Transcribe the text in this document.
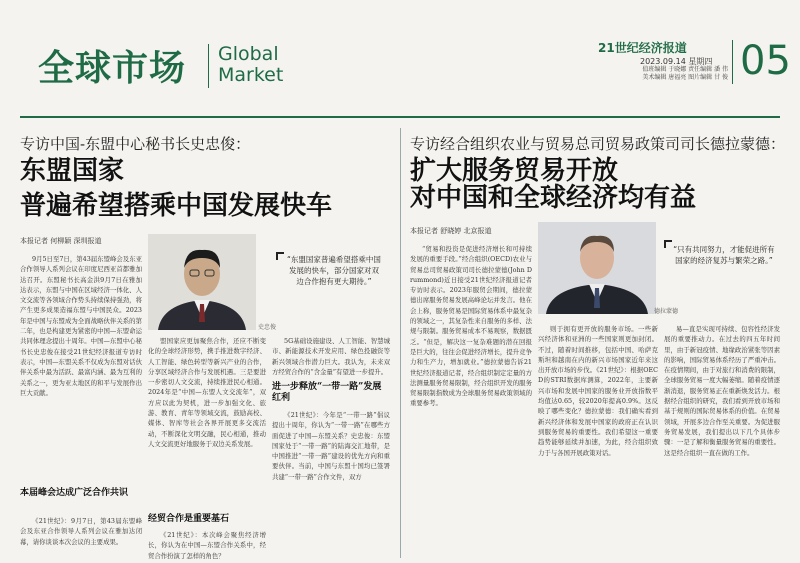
全球市场 Global
Market
21世纪经济报道
2023.09.14 星期四
值班编辑 于晓娜 责任编辑 潘 伟
美术编辑 唐福亮 图片编辑 甘 俊 05
专访中国-东盟中心秘书长史忠俊：
东盟国家
普遍希望搭乘中国发展快车
本报记者 何柳颖 深圳报道
史忠俊
“东盟国家普遍希望搭乘中国发展的快车，部分国家对双边合作抱有更大期待。”
9月5日至7日，第43届东盟峰会及东亚合作领导人系列会议在印度尼西亚首都雅加达召开。东盟秘书长高金洪9月7日在雅加达表示，东盟与中国在区域经济一体化、人文交流等各领域合作势头持续保持强劲，将产生更多成果造福东盟与中国民众。2023年是中国与东盟成为全面战略伙伴关系的第二年，也是构建更为紧密的中国—东盟命运共同体理念提出十周年。中国—东盟中心秘书长史忠俊在接受21世纪经济报道专访时表示，中国—东盟关系不仅成为东盟对话伙伴关系中最为活跃、最富内涵、最为互利的关系之一，更为亚太地区的和平与发展作出巨大贡献。
本届峰会达成广泛合作共识
《21世纪》：9月7日，第43届东盟峰会及东亚合作领导人系列会议在雅加达闭幕，请你谈谈本次会议的主要成果。
盟国家应更加聚焦合作，还应不断变化的全球经济形势，携手推进数字经济、人工智能、绿色转型等新兴产业的合作，分享区域经济合作与发展机遇。三是要进一步密切人文交流，持续推进民心相通。2024年是“中国—东盟人文交流年”，双方应以此为契机，进一步加强文化、旅游、教育、青年等领域交流，鼓励高校、媒体、智库等社会各界开展更多交流活动，不断深化文明交融，民心相通，推动人文交流更好地服务于双边关系发展。
经贸合作是重要基石
《21世纪》：本次峰会聚焦经济增长，你认为在中国—东盟合作关系中，经贸合作扮演了怎样的角色？
5G基础设施建设、人工智能、智慧城市、新能源技术开发应用、绿色投融资等新兴领域合作潜力巨大。我认为，未来双方经贸合作的“含金量”有望进一步提升。
进一步释放“一带一路”发展红利
《21世纪》：今年是“一带一路”倡议提出十周年，你认为“一带一路”在哪些方面促进了中国—东盟关系？史忠俊：东盟国家处于“一带一路”的陆海交汇地带，是中国推进“一带一路”建设的优先方向和重要伙伴。当前，中国与东盟十国均已签署共建“一带一路”合作文件，双方
专访经合组织农业与贸易总司贸易政策司司长德拉蒙德：
扩大服务贸易开放
对中国和全球经济均有益
本报记者 舒晓婷 北京报道
德拉蒙德
“只有共同努力，才能促进所有国家的经济复苏与繁荣之路。”
“贸易和投资是促进经济增长和可持续发展的重要手段。”经合组织(OECD)农业与贸易总司贸易政策司司长德拉蒙德(John Drummond)近日接受21世纪经济报道记者专访时表示。2023年服贸会期间，德拉蒙德出席服务贸易发展高峰论坛并发言。他在会上称，服务贸易是国际贸易体系中最复杂的领域之一，其复杂性来自服务的多样、法规与限制。服务贸易成本不易观察，数据匮乏。“但是，解决这一复杂难题的潜在回报是巨大的，往往会促进经济增长，提升竞争力和生产力，增加就业。”德拉蒙德告诉21世纪经济报道记者，经合组织制定定量的方法测量服务贸易限制，经合组织开发的服务贸易限制指数成为全球服务贸易政策领域的重要参考。
则于拥有更开放的服务市场。一些新兴经济体和亚洲的一些国家则更加封闭。不过，随着时间推移，包括中国、哈萨克斯坦和越南在内的新兴市场国家近年来这出开放市场的步伐。《21世纪》：根据OECD的STRI数据库测算，2022年，主要新兴市场和发展中国家的服务业开放指数平均值达0.65，较2020年提高0.9%。这反映了哪些变化？德拉蒙德：我们确实看到新兴经济体和发展中国家的政府正在认识到服务贸易的重要性。我们希望这一重要趋势能够延续并加速，为此，经合组织致力于与各国开展政策对话。
易—直是实现可持续、包容性经济发展的重要推动力。在过去的四五年时间里，由于新冠疫情、地缘政治紧张等因素的影响，国际贸易体系经历了严重冲击。在疫情期间，由于对旅行和消费的限制，全球服务贸易一度大幅萎缩。随着疫情逐渐消退，服务贸易正在重新焕发活力。根据经合组织的研究，我们看到开放市场和基于规则的国际贸易体系的价值。在贸易领域，开展多边合作至关重要。为促进服务贸易发展，我们提出以下几个具体步骤：一是了解和衡量服务贸易的重要性。这是经合组织一直在做的工作。
